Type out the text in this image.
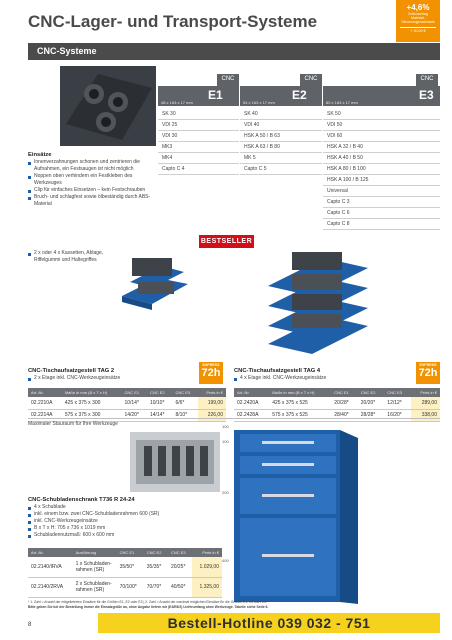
CNC-Lager- und Transport-Systeme
+4,6%
Zollzuschlag
Material-
Steuerungsnachweis
+ 30,00 €
CNC-Systeme
CNC	CNC	CNC
E1
48 x 163 x 17 mm
E2
54 x 163 x 17 mm
E3
80 x 163 x 17 mm
SK 30
VDI 25
VDI 30
MK3
MK4
Capto C 4
SK 40
VDI 40
HSK A 50 / B 63
HSK A 63 / B 80
MK 5
Capto C 5
SK 50
VDI 50
VDI 60
HSK A 32 / B 40
HSK A 40 / B 50
HSK A 80 / B 100
HSK A 100 / B 125
Universal
Capto C 3
Capto C 6
Capto C 8
Einsätze
Innenverzahnungen schonen und zentrieren die Aufnahmen, ein Festsaugen ist nicht möglich
Noppen oben verhindern ein Festkleben des Werkzeuges
Clip für einfaches Einsetzen – kein Festschrauben
Bruch- und schlagfest sowie ölbeständig durch ABS-Material
BESTSELLER
2 x oder 4 x Kassetten, Ablage, Riffelgummi und Haltegriffes
EXPRESS
72h
EXPRESS
72h
CNC-Tischaufsatzgestell TAG 2
2 x Etage inkl. CNC-Werkzeugeinsätze
Art.-Nr.	Maße in mm (B x T x H)	CNC E1	CNC E2	CNC E3	Preis in €
02.2210A	425 x 375 x 300	10/14*	10/10*	6/6*	199,00
02.2214A	575 x 375 x 300	14/20*	14/14*	8/10*	226,00
CNC-Tischaufsatzgestell TAG 4
4 x Etage inkl. CNC-Werkzeugeinsätze
Art.-Nr.	Maße in mm (B x T x H)	CNC E1	CNC E2	CNC E3	Preis in €
02.2420A	425 x 375 x 525	20/28*	20/20*	12/12*	289,00
02.2428A	575 x 375 x 525	28/40*	28/28*	16/20*	338,00
Maximaler Stauraum für Ihre Werkzeuge	100
100
200
400
CNC-Schubladenschrank T736 R 24-24
4 x Schublade
inkl. einem bzw. zwei CNC-Schubladenrahmen 600 (SR)
inkl. CNC-Werkzeugeinsätze
B x T x H: 705 x 736 x 1019 mm
Schubladennutzmaß: 600 x 600 mm
Art.-Nr.	Ausführung	CNC E1	CNC E2	CNC E3	Preis in €
02.2140/IRVA	1 x Schubladen-rahmen (SR)	35/50*	35/35*	20/25*	1.029,00
02.2140/2RVA	2 x Schubladen-rahmen (SR)	70/100*	70/70*	40/50*	1.325,00
* 1. Zahl = Anzahl der mitgelieferten Einsätze für die Größen E1, E2 oder E3 | 2. Zahl = Anzahl der maximal möglichen Einsätze für die Größen E1, E2 oder E3.
Bitte geben Sie bei der Bestellung immer die Einsatzgröße an, ohne Angabe liefern wir (E4/E6/2) Lieferumfang ohne Werkzeuge. Tabelle siehe Seite 6.
8	Bestell-Hotline 039 032 - 751
